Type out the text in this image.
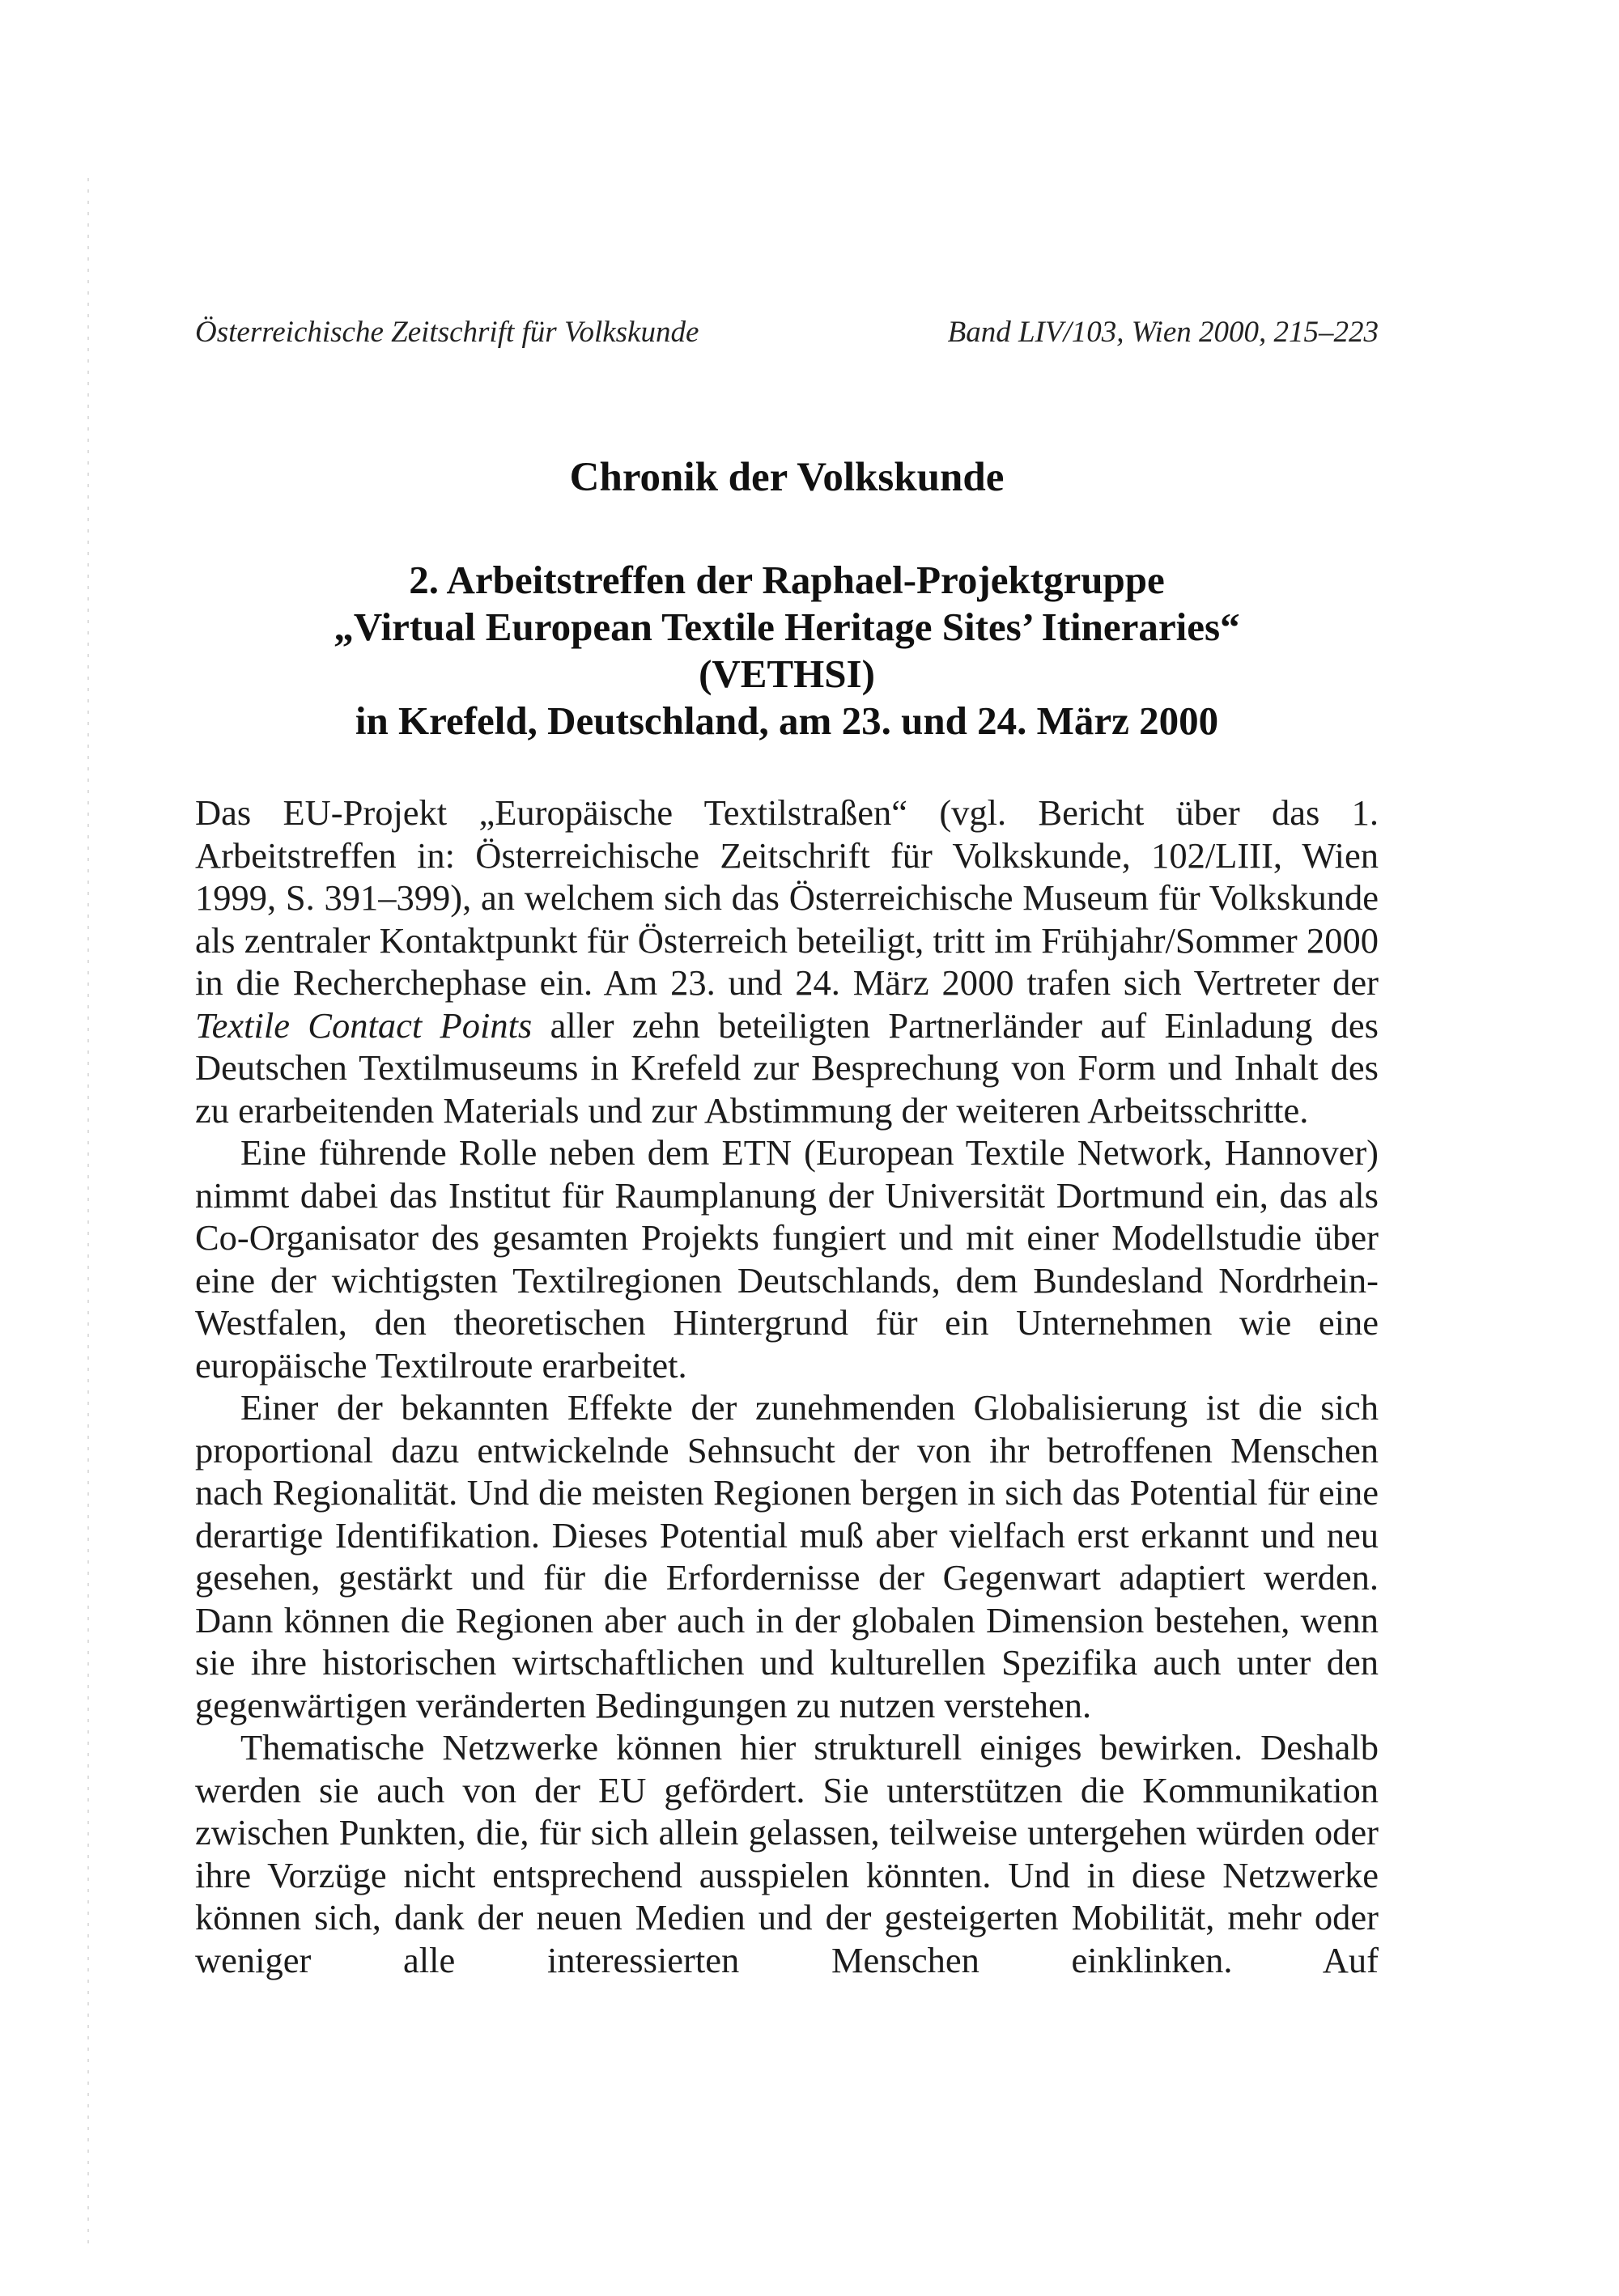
Österreichische Zeitschrift für Volkskunde	Band LIV/103, Wien 2000, 215–223
Chronik der Volkskunde
2. Arbeitstreffen der Raphael-Projektgruppe
„Virtual European Textile Heritage Sites’ Itineraries“
(VETHSI)
in Krefeld, Deutschland, am 23. und 24. März 2000

Das EU-Projekt „Europäische Textilstraßen“ (vgl. Bericht über das 1. Arbeitstreffen in: Österreichische Zeitschrift für Volkskunde, 102/LIII, Wien 1999, S. 391–399), an welchem sich das Österreichische Museum für Volkskunde als zentraler Kontaktpunkt für Österreich beteiligt, tritt im Frühjahr/Sommer 2000 in die Recherchephase ein. Am 23. und 24. März 2000 trafen sich Vertreter der Textile Contact Points aller zehn beteiligten Partnerländer auf Einladung des Deutschen Textilmuseums in Krefeld zur Besprechung von Form und Inhalt des zu erarbeitenden Materials und zur Abstimmung der weiteren Arbeitsschritte.

Eine führende Rolle neben dem ETN (European Textile Network, Hannover) nimmt dabei das Institut für Raumplanung der Universität Dortmund ein, das als Co-Organisator des gesamten Projekts fungiert und mit einer Modellstudie über eine der wichtigsten Textilregionen Deutschlands, dem Bundesland Nordrhein-Westfalen, den theoretischen Hintergrund für ein Unternehmen wie eine europäische Textilroute erarbeitet.

Einer der bekannten Effekte der zunehmenden Globalisierung ist die sich proportional dazu entwickelnde Sehnsucht der von ihr betroffenen Menschen nach Regionalität. Und die meisten Regionen bergen in sich das Potential für eine derartige Identifikation. Dieses Potential muß aber vielfach erst erkannt und neu gesehen, gestärkt und für die Erfordernisse der Gegenwart adaptiert werden. Dann können die Regionen aber auch in der globalen Dimension bestehen, wenn sie ihre historischen wirtschaftlichen und kulturellen Spezifika auch unter den gegenwärtigen veränderten Bedingungen zu nutzen verstehen.

Thematische Netzwerke können hier strukturell einiges bewirken. Deshalb werden sie auch von der EU gefördert. Sie unterstützen die Kommunikation zwischen Punkten, die, für sich allein gelassen, teilweise untergehen würden oder ihre Vorzüge nicht entsprechend ausspielen könnten. Und in diese Netzwerke können sich, dank der neuen Medien und der gesteigerten Mobilität, mehr oder weniger alle interessierten Menschen einklinken. Auf
